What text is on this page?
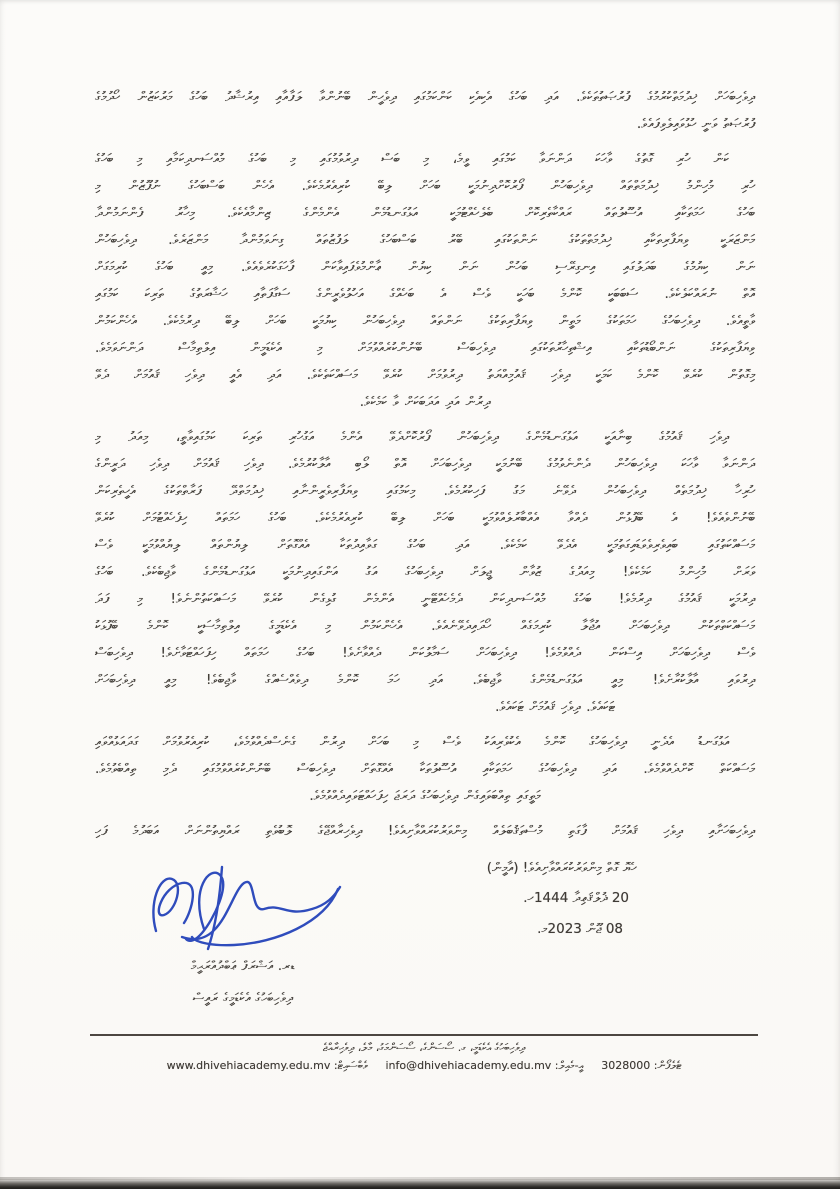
ދިވެހިބަހަށް ޚިދުމަތްކުރުމުގެ ފުރުޞަތުތަކެވެ. އަދި ބަހުގެ އެކިއެކި ކަންކަމުގައި ދިވެހީން ބޭނުންވާ ލަފާއާއި އިރުޝާދު ބަހުގެ މަރުކަޒުން ހޯދުމުގެ
ފުރުޞަތު ވަނީ ހުޅުވައިލެވިފައެވެ.
ކަން ހުރި ގޮތުގެ ވާހަކަ ދަންނަވާ ކަމުގައި ވީމެ، މި ބަސް ދިރުވުމުގައި މި ބަހުގެ މުއްސަނދިކަމާއި މި ބަހުގެ
ހުރި މުހިންމު ޚިދުމަތްތައް ދިވެހިބަހުން ފޯރުކޮށްދިނުމަކީ ބަހަށް ލިބޭ ކުރިއެރުމެކެވެ. އެހެން ބަސްބަހުގެ ނުފޫޒުން މި
ބަހުގެ ހަމަތަކާއި އުސޫލުތައް ރައްކާތެރިކޮށް ބެލެހެއްޓުމަކީ އަޅުގަނޑުމެން އެންމެންގެ ޒިންމާއެކެވެ. މިހާރު ފެންނަމުންދާ
މަންޒަރަކީ ވިޔަފާރިތަކާއި ޚިދުމަތްތަކުގެ ނަންތަކުގައި ބޭރު ބަސްބަހުގެ ލަފުޒުތައް ގިނަވަމުންދާ މަންޒަރެވެ. ދިވެހިބަހުން
ނަން ކިޔުމުގެ ބަދަލުގައި އިނގިރޭސި ބަހުން ނަން ކިޔުން ޢާންމުވެފައިވާކަން ފާހަގަކުރެވެއެވެ. މިއީ ބަހުގެ ކުރިމަގަށް
އޮތް ނުރައްކަލެކެވެ. ސަބަބަކީ ކޮންމެ ބަހަކީ ވެސް އެ ބަހެއްގެ އަހުލުވެރީންގެ ސަގާފަތާއި ހަޟާރަތުގެ ތަރިކަ ކަމުގައި
ވާތީއެވެ. ދިވެހިބަހުގެ ހަމަތަކުގެ މަތީން ވިޔަފާރިތަކުގެ ނަންތައް ދިވެހިބަހުން ކިޔުމަކީ ބަހަށް ލިބޭ ދިރުމެކެވެ. އެހެންކަމުން
ވިޔަފާރިތަކުގެ ނަންބޯޑުތަކާއި އިޝްތިހާރުތަކުގައި ދިވެހިބަސް ބޭނުންކުރެއްވުމަށް މި އެކެޑަމީން އިލްތިމާސް ދަންނަވަމެވެ.
މިގޮތުން ކުރެވޭ ކޮންމެ ކަމަކީ ދިވެހި ޤައުމިއްޔަތު ދިރުވުމަށް ކުރެވޭ މަސައްކަތެކެވެ. އަދި އެއީ ދިވެހި ޤައުމަށް ދެވޭ
ދިރުން އަދި އަދަބަކަށް ވާ ކަމެކެވެ.
ދިވެހި ޤައުމުގެ ބިނާއަކީ އަޅުގަނޑުމެންގެ ދިވެހިބަހުން ފޯރުކޮށްދެވޭ އެންމެ އަގުހުރި ތަރިކަ ކަމުގައިވާތީ، މިއަދު މި
ދަންނަވާ ވާހަކަ ދިވެހިބަހުން ދެންނެވުމުގެ ބޭނުމަކީ ދިވެހިބަހަށް އޮތް ލޯބި އާލާކުރުމެވެ. ދިވެހި ޤައުމަށް ދިވެހި ދަރީންގެ
ހުރިހާ ޚިދުމަތެއް ދިވެހިބަހުން ދެވޭނެ މަގު ފަހިކުރުމެވެ. މިކަމުގައި ވިޔަފާރިވެރީންނާއި ޚިދުމަތްދޭ ފަރާތްތަކުގެ އެހީތެރިކަން
ބޭނުންވެއެވެ! އެ ބޭފުޅުން ދެއްވާ އެއްބާރުލެއްވުމަކީ ބަހަށް ލިބޭ ކުރިއެރުމެކެވެ. ބަހުގެ ހަމަތައް ހިފެހެއްޓުމަށް ކުރެވޭ
މަސައްކަތުގައި ބައިވެރިވެވަޑައިގަތުމަކީ އެދެވޭ ކަމެކެވެ. އަދި ބަހުގެ ގަވާއިދުތަކާ އެއްގޮތަށް ލިޔުންތައް ލިޔުއްވުމަކީ ވެސް
ވަރަށް މުހިންމު ކަމެކެވެ! މިއަދުގެ ޒުވާން ޖީލަށް ދިވެހިބަހުގެ އަގު އަންގައިދިނުމަކީ އަޅުގަނޑުމެންގެ ވާޖިބެކެވެ. ބަހުގެ
ދިރުމަކީ ޤައުމުގެ ދިރުމެވެ! ބަހުގެ މުއްސަނދިކަން ދެމެހެއްޓޭނީ އެންމެން ގުޅިގެން ކުރެވޭ މަސައްކަތުންނެވެ! މި ފަދަ
މަސައްކަތްތަކުން ދިވެހިބަހަށް އުޖާލާ ކުރިމަގެއް ހޯދައިދެވޭނެއެވެ. އެހެންކަމުން މި އެކެޑަމީގެ އިލްތިމާސަކީ ކޮންމެ ބޭފުޅަކު
ވެސް ދިވެހިބަހަށް އިސްކަން ދެއްވުމެވެ! ދިވެހިބަހަށް ސަމާލުކަން ދެއްވާށެވެ! ބަހުގެ ހަމަތައް ހިފަހައްޓަވާށެވެ! ދިވެހިބަސް
ދިރުވައި އާލާކުރާށެވެ! މިއީ އަޅުގަނޑުމެންގެ ވާޖިބެވެ. އަދި ހަމަ ކޮންމެ ދިވެއްސެއްގެ ވާޖިބެވެ! މިއީ ދިވެހިބަހަށް
ޓަކައެވެ. ދިވެހި ޤައުމަށް ޓަކައެވެ.
އަޅުގަނޑު އެދެނީ ދިވެހިބަހުގެ ކޮންމެ އެކުވެރިއަކު ވެސް މި ބަހަށް ދިރުން ގެނެސްދެއްވުމެވެ، ކުރިއެރުވުމަށް ގަދައަޅުއްވައި
މަސައްކަތް ކޮށްދެއްވުމެވެ. އަދި ދިވެހިބަހުގެ ހަމަތަކާއި އުސޫލުތަކާ އެއްގޮތަށް ދިވެހިބަސް ބޭނުންކުރެއްވުމުގައި ދެމި ތިއްބެވުމެވެ.
މަތީގައި ތިއްބަވައިގެން ދިވެހިބަހުގެ ދަރަޖަ ހިފަހައްޓަވައިދެއްވުމެވެ.
ދިވެހިބަހަށާއި ދިވެހި ޤައުމަށް ފާގަތި މުސްތަޤުބަލެއް މިންވަރުކުރައްވާށިއެވެ! ދިވެހިރާއްޖޭގެ ލޮބުވެތި ރައްޔިތުންނަށް އަބަދުމެ ފަހި
ހެޔޮ ގޮތް މިންވަރުކުރައްވާށިއެވެ! (އާމީން)
20 ޛުލްޤަޢިދާ 1444ހ.
08 ޖޫން 2023މ.
ޑރ. އަޝްރަފް ޢަބްދުއްރަޙީމް
ދިވެހިބަހުގެ އެކެޑަމީގެ ރައީސް
ދިވެހިބަހުގެ އެކެޑަމީ، ގ. ސޯސަންގެ، ސޯސަންމަގު، މާލެ، ދިވެހިރާއްޖެ
ޓެލެފޯން: 3028000 އީ-މެއިލް: info@dhivehiacademy.edu.mv ވެބްސައިޓް: www.dhivehiacademy.edu.mv
